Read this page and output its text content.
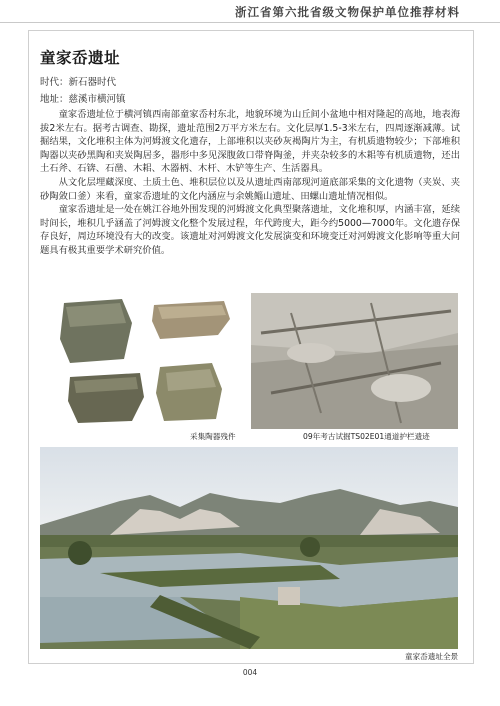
浙江省第六批省级文物保护单位推荐材料
童家岙遗址
时代：新石器时代
地址：慈溪市横河镇

童家岙遗址位于横河镇西南部童家岙村东北，地貌环境为山丘间小盆地中相对隆起的高地，地表海拔2米左右。据考古调查、勘探，遗址范围2万平方米左右。文化层厚1.5-3米左右，四周逐渐减薄。试掘结果，文化堆积主体为河姆渡文化遗存，上部堆积以夹砂灰褐陶片为主，有机质遗物较少；下部堆积陶器以夹砂黑陶和夹炭陶居多，器形中多见深腹敛口带脊陶釜，并夹杂较多的木耜等有机质遗物，还出土石斧、石锛、石凿、木耜、木器柄、木杆、木铲等生产、生活器具。

从文化层埋藏深度、土质土色、堆积层位以及从遗址西南部现河道底部采集的文化遗物（夹炭、夹砂陶敛口釜）来看，童家岙遗址的文化内涵应与余姚鲻山遗址、田螺山遗址情况相似。

童家岙遗址是一处在姚江谷地外围发现的河姆渡文化典型聚落遗址，文化堆积厚，内涵丰富，延续时间长，堆积几乎涵盖了河姆渡文化整个发展过程，年代跨度大，距今约5000—7000年。文化遗存保存良好，周边环境没有大的改变。该遗址对河姆渡文化发展演变和环境变迁对河姆渡文化影响等重大问题具有极其重要学术研究价值。

采集陶器残件	09年考古试掘TS02E01通道护栏遗迹
童家岙遗址全景
004
